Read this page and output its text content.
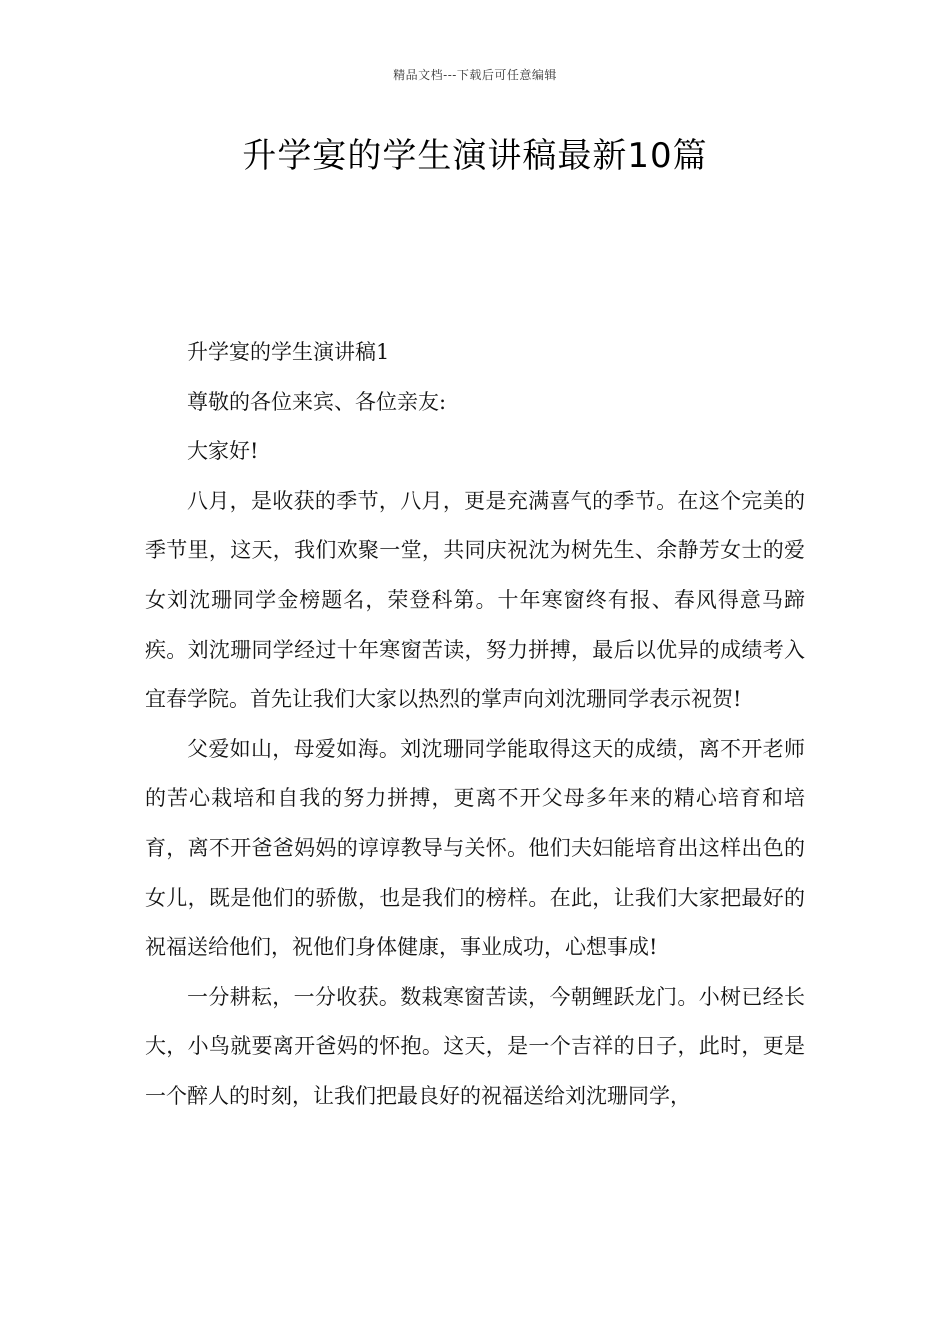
精品文档---下载后可任意编辑
升学宴的学生演讲稿最新10篇

升学宴的学生演讲稿1

尊敬的各位来宾、各位亲友:

大家好!

八月，是收获的季节，八月，更是充满喜气的季节。在这个完美的季节里，这天，我们欢聚一堂，共同庆祝沈为树先生、余静芳女士的爱女刘沈珊同学金榜题名，荣登科第。十年寒窗终有报、春风得意马蹄疾。刘沈珊同学经过十年寒窗苦读，努力拼搏，最后以优异的成绩考入宜春学院。首先让我们大家以热烈的掌声向刘沈珊同学表示祝贺!

父爱如山，母爱如海。刘沈珊同学能取得这天的成绩，离不开老师的苦心栽培和自我的努力拼搏，更离不开父母多年来的精心培育和培育，离不开爸爸妈妈的谆谆教导与关怀。他们夫妇能培育出这样出色的女儿，既是他们的骄傲，也是我们的榜样。在此，让我们大家把最好的祝福送给他们，祝他们身体健康，事业成功，心想事成!

一分耕耘，一分收获。数栽寒窗苦读，今朝鲤跃龙门。小树已经长大，小鸟就要离开爸妈的怀抱。这天，是一个吉祥的日子，此时，更是一个醉人的时刻，让我们把最良好的祝福送给刘沈珊同学，
